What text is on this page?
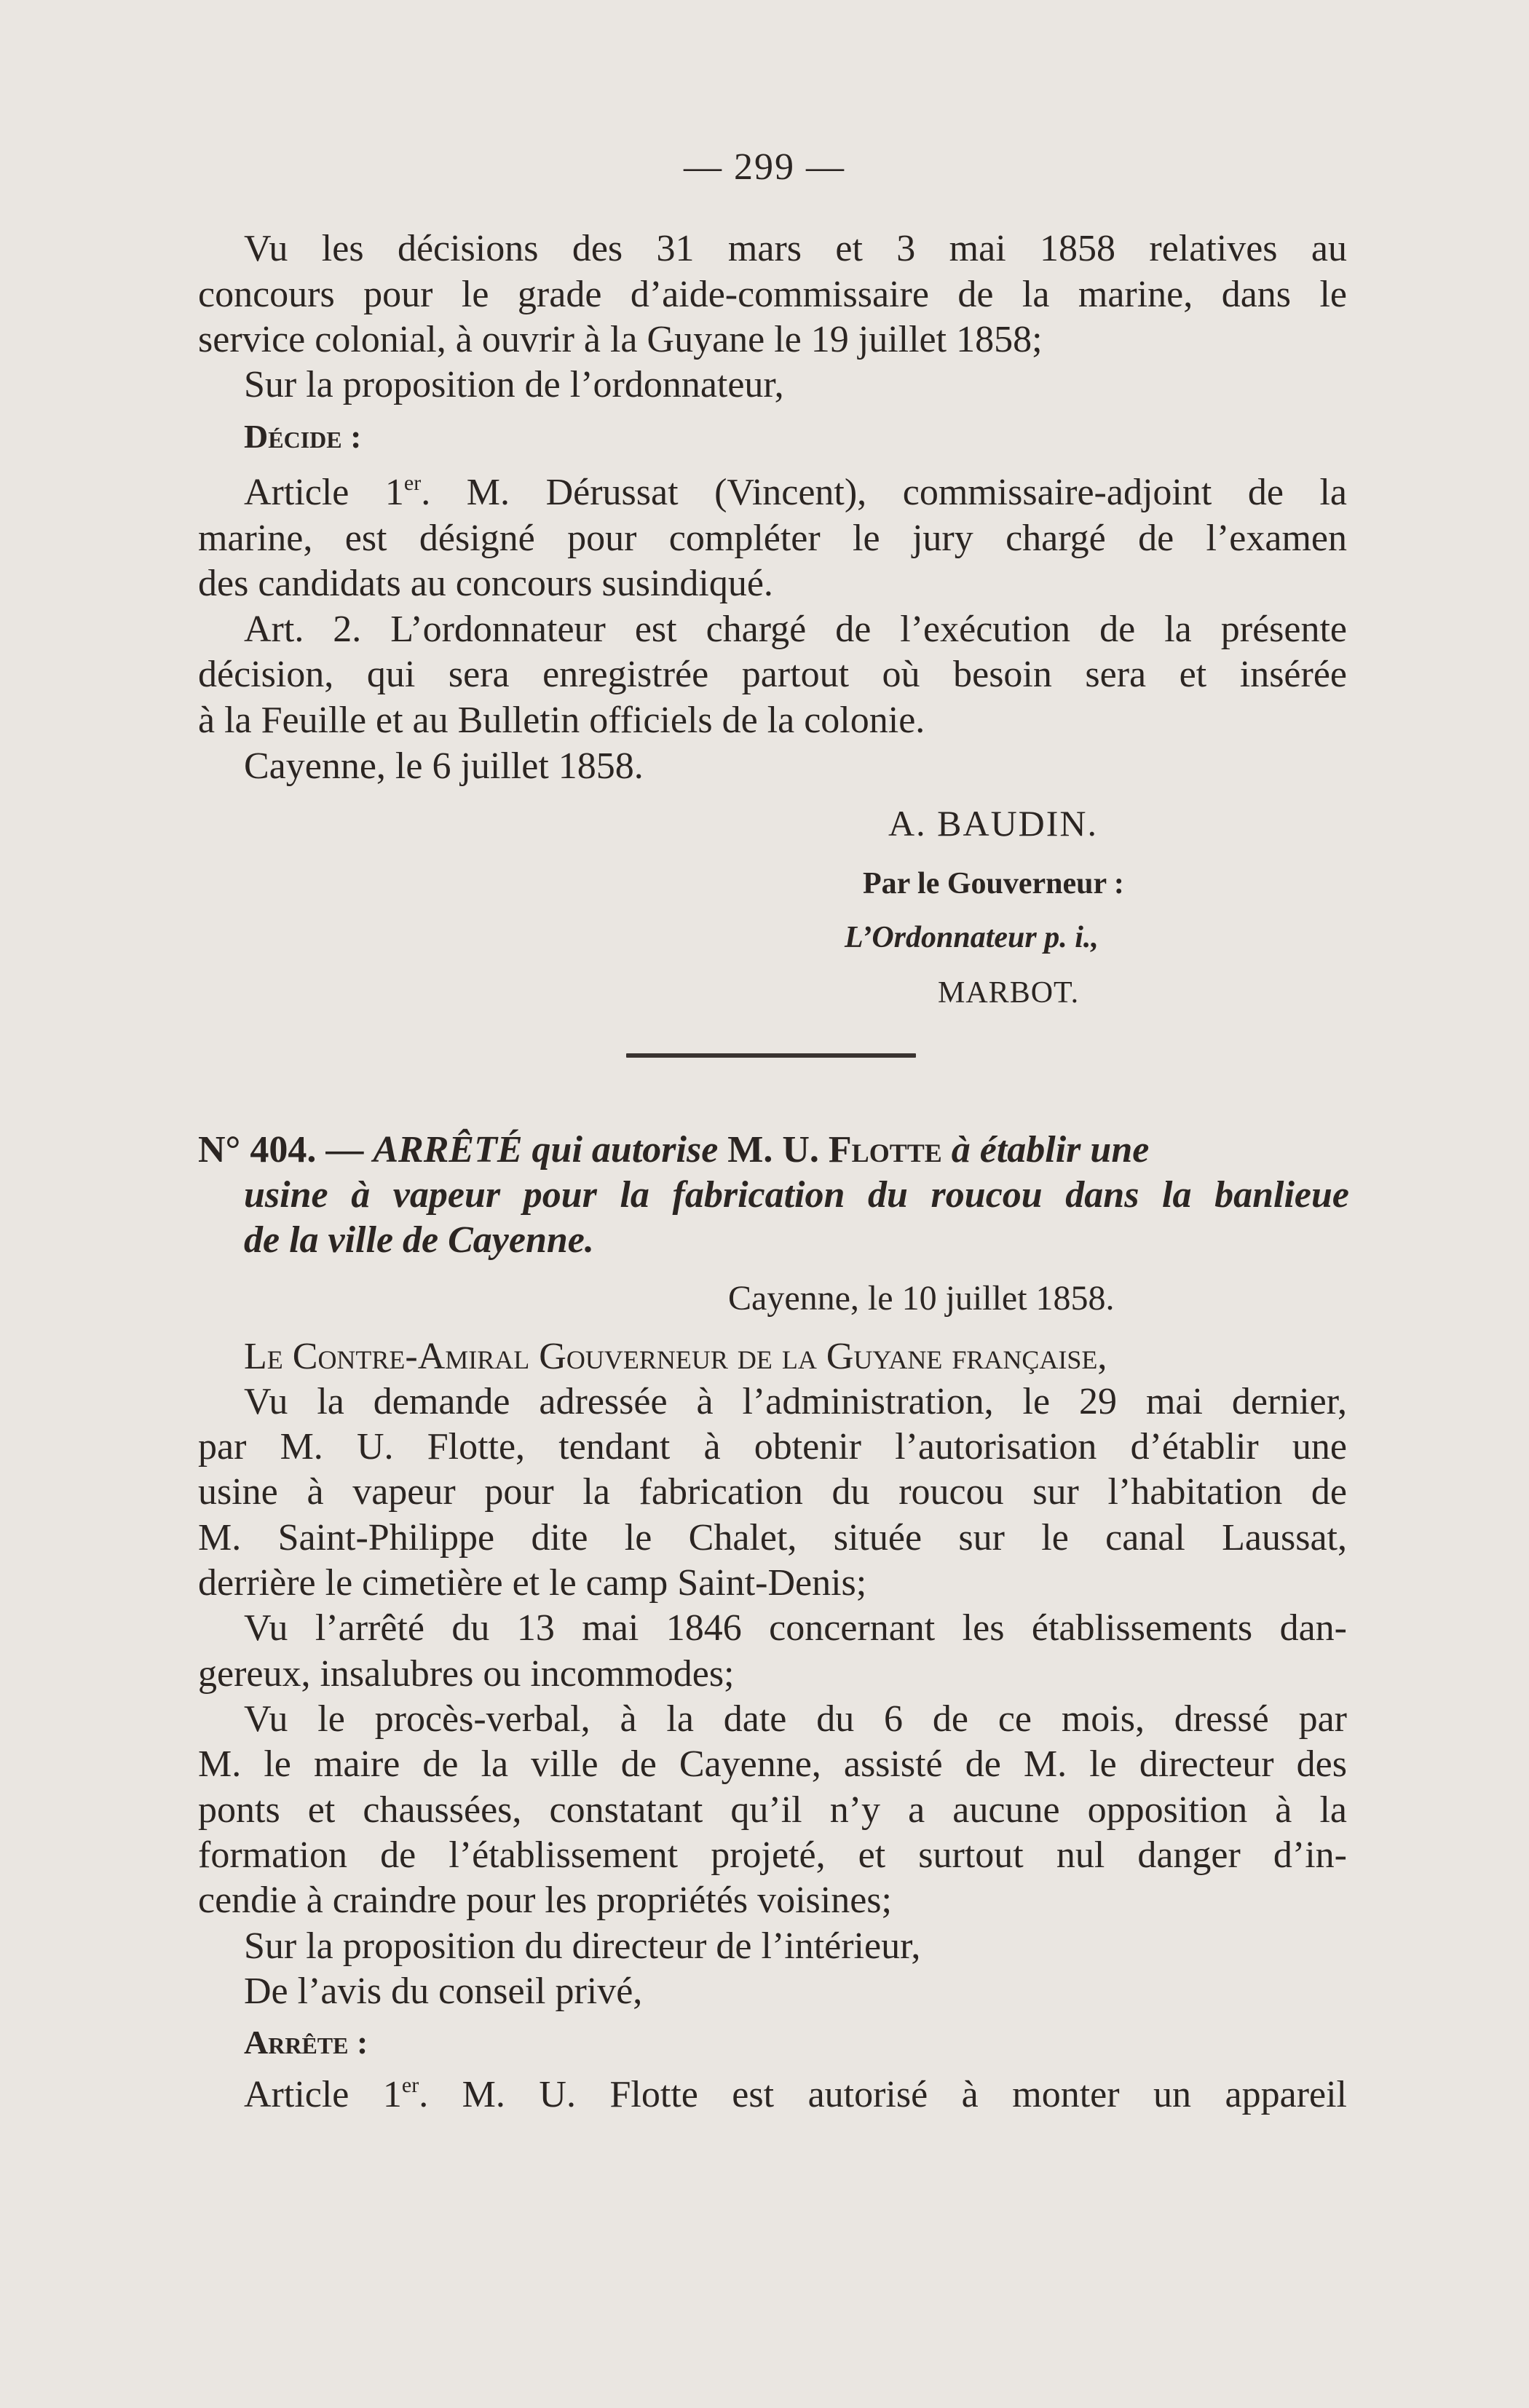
— 299 —
Vu les décisions des 31 mars et 3 mai 1858 relatives au
concours pour le grade d’aide-commissaire de la marine, dans le
service colonial, à ouvrir à la Guyane le 19 juillet 1858;
Sur la proposition de l’ordonnateur,
Décide :
Article 1er. M. Dérussat (Vincent), commissaire-adjoint de la
marine, est désigné pour compléter le jury chargé de l’examen
des candidats au concours susindiqué.
Art. 2. L’ordonnateur est chargé de l’exécution de la présente
décision, qui sera enregistrée partout où besoin sera et insérée
à la Feuille et au Bulletin officiels de la colonie.
Cayenne, le 6 juillet 1858.
A. BAUDIN.
Par le Gouverneur :
L’Ordonnateur p. i.,
MARBOT.
N° 404. — ARRÊTÉ qui autorise M. U. Flotte à établir une
usine à vapeur pour la fabrication du roucou dans la banlieue
de la ville de Cayenne.
Cayenne, le 10 juillet 1858.
Le Contre-Amiral Gouverneur de la Guyane française,
Vu la demande adressée à l’administration, le 29 mai dernier,
par M. U. Flotte, tendant à obtenir l’autorisation d’établir une
usine à vapeur pour la fabrication du roucou sur l’habitation de
M. Saint-Philippe dite le Chalet, située sur le canal Laussat,
derrière le cimetière et le camp Saint-Denis;
Vu l’arrêté du 13 mai 1846 concernant les établissements dan-
gereux, insalubres ou incommodes;
Vu le procès-verbal, à la date du 6 de ce mois, dressé par
M. le maire de la ville de Cayenne, assisté de M. le directeur des
ponts et chaussées, constatant qu’il n’y a aucune opposition à la
formation de l’établissement projeté, et surtout nul danger d’in-
cendie à craindre pour les propriétés voisines;
Sur la proposition du directeur de l’intérieur,
De l’avis du conseil privé,
Arrête :
Article 1er. M. U. Flotte est autorisé à monter un appareil
